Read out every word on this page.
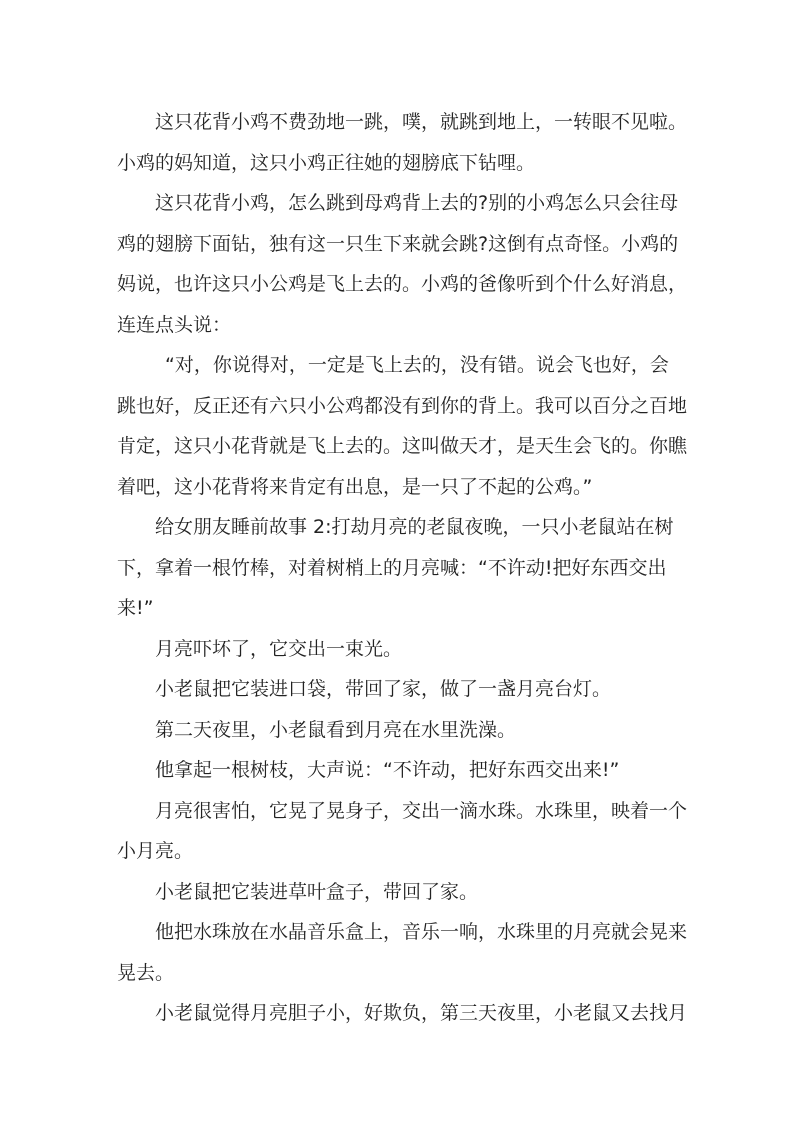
这只花背小鸡不费劲地一跳，噗，就跳到地上，一转眼不见啦。小鸡的妈知道，这只小鸡正往她的翅膀底下钻哩。

这只花背小鸡，怎么跳到母鸡背上去的?别的小鸡怎么只会往母鸡的翅膀下面钻，独有这一只生下来就会跳?这倒有点奇怪。小鸡的妈说，也许这只小公鸡是飞上去的。小鸡的爸像听到个什么好消息，连连点头说：

“对，你说得对，一定是飞上去的，没有错。说会飞也好，会跳也好，反正还有六只小公鸡都没有到你的背上。我可以百分之百地肯定，这只小花背就是飞上去的。这叫做天才，是天生会飞的。你瞧着吧，这小花背将来肯定有出息，是一只了不起的公鸡。”

给女朋友睡前故事 2:打劫月亮的老鼠夜晚，一只小老鼠站在树下，拿着一根竹棒，对着树梢上的月亮喊：“不许动!把好东西交出来!”

月亮吓坏了，它交出一束光。

小老鼠把它装进口袋，带回了家，做了一盏月亮台灯。

第二天夜里，小老鼠看到月亮在水里洗澡。

他拿起一根树枝，大声说：“不许动，把好东西交出来!”

月亮很害怕，它晃了晃身子，交出一滴水珠。水珠里，映着一个小月亮。

小老鼠把它装进草叶盒子，带回了家。

他把水珠放在水晶音乐盒上，音乐一响，水珠里的月亮就会晃来晃去。

小老鼠觉得月亮胆子小，好欺负，第三天夜里，小老鼠又去找月
